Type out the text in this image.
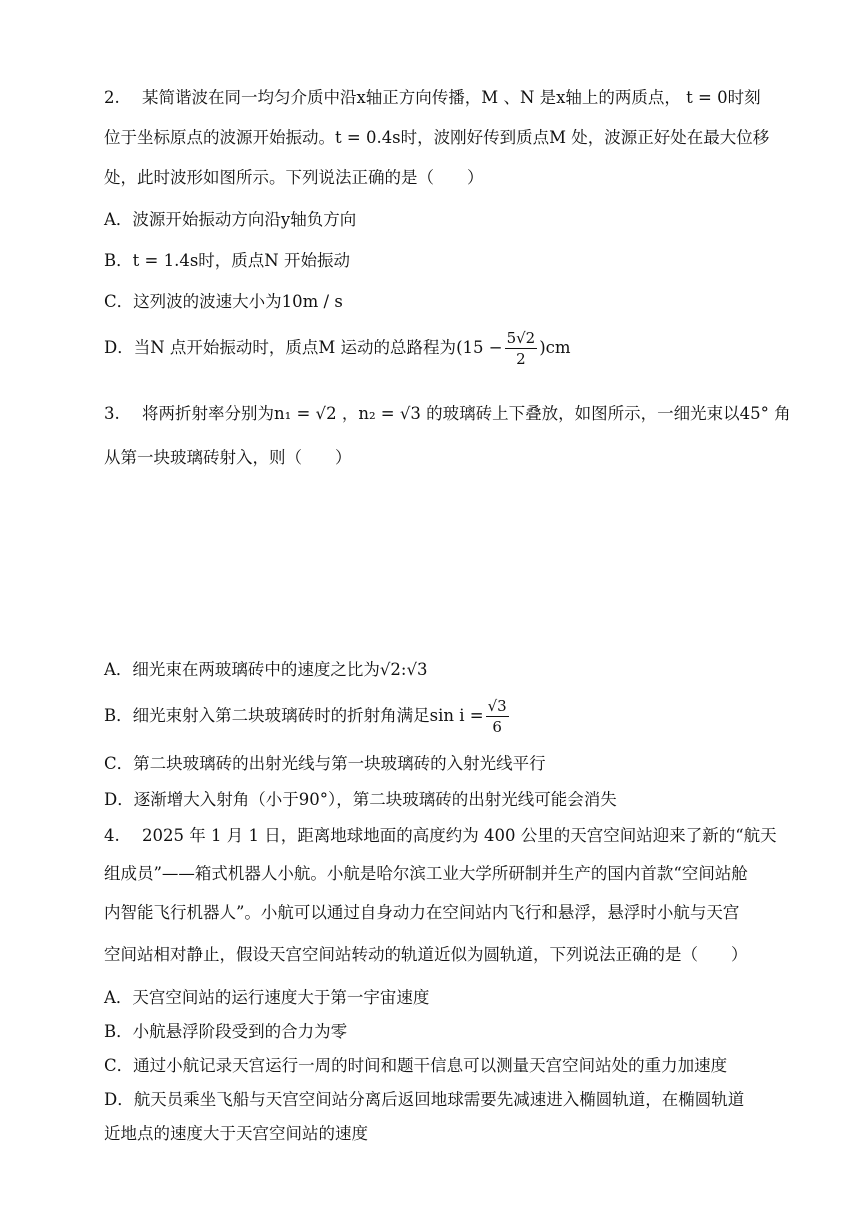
2. 某简谐波在同一均匀介质中沿x轴正方向传播，M 、N 是x轴上的两质点， t = 0时刻
位于坐标原点的波源开始振动。t = 0.4s时，波刚好传到质点M 处，波源正好处在最大位移
处，此时波形如图所示。下列说法正确的是（　　）
A．波源开始振动方向沿y轴负方向
B．t = 1.4s时，质点N 开始振动
C．这列波的波速大小为10m / s
D．当N 点开始振动时，质点M 运动的总路程为$(15 - \frac{5√2}{2} )cm$
3. 将两折射率分别为n₁ = √2 ，n₂ = √3 的玻璃砖上下叠放，如图所示，一细光束以45° 角
从第一块玻璃砖射入，则（　　）
A．细光束在两玻璃砖中的速度之比为√2:√3
B．细光束射入第二块玻璃砖时的折射角满足$\sin i = \frac{√3}{6}$
C．第二块玻璃砖的出射光线与第一块玻璃砖的入射光线平行
D．逐渐增大入射角（小于90°），第二块玻璃砖的出射光线可能会消失
4. 2025 年 1 月 1 日，距离地球地面的高度约为 400 公里的天宫空间站迎来了新的“航天
组成员”——箱式机器人小航。小航是哈尔滨工业大学所研制并生产的国内首款“空间站舱
内智能飞行机器人”。小航可以通过自身动力在空间站内飞行和悬浮，悬浮时小航与天宫
空间站相对静止，假设天宫空间站转动的轨道近似为圆轨道，下列说法正确的是（　　）
A．天宫空间站的运行速度大于第一宇宙速度
B．小航悬浮阶段受到的合力为零
C．通过小航记录天宫运行一周的时间和题干信息可以测量天宫空间站处的重力加速度
D．航天员乘坐飞船与天宫空间站分离后返回地球需要先减速进入椭圆轨道，在椭圆轨道
近地点的速度大于天宫空间站的速度
